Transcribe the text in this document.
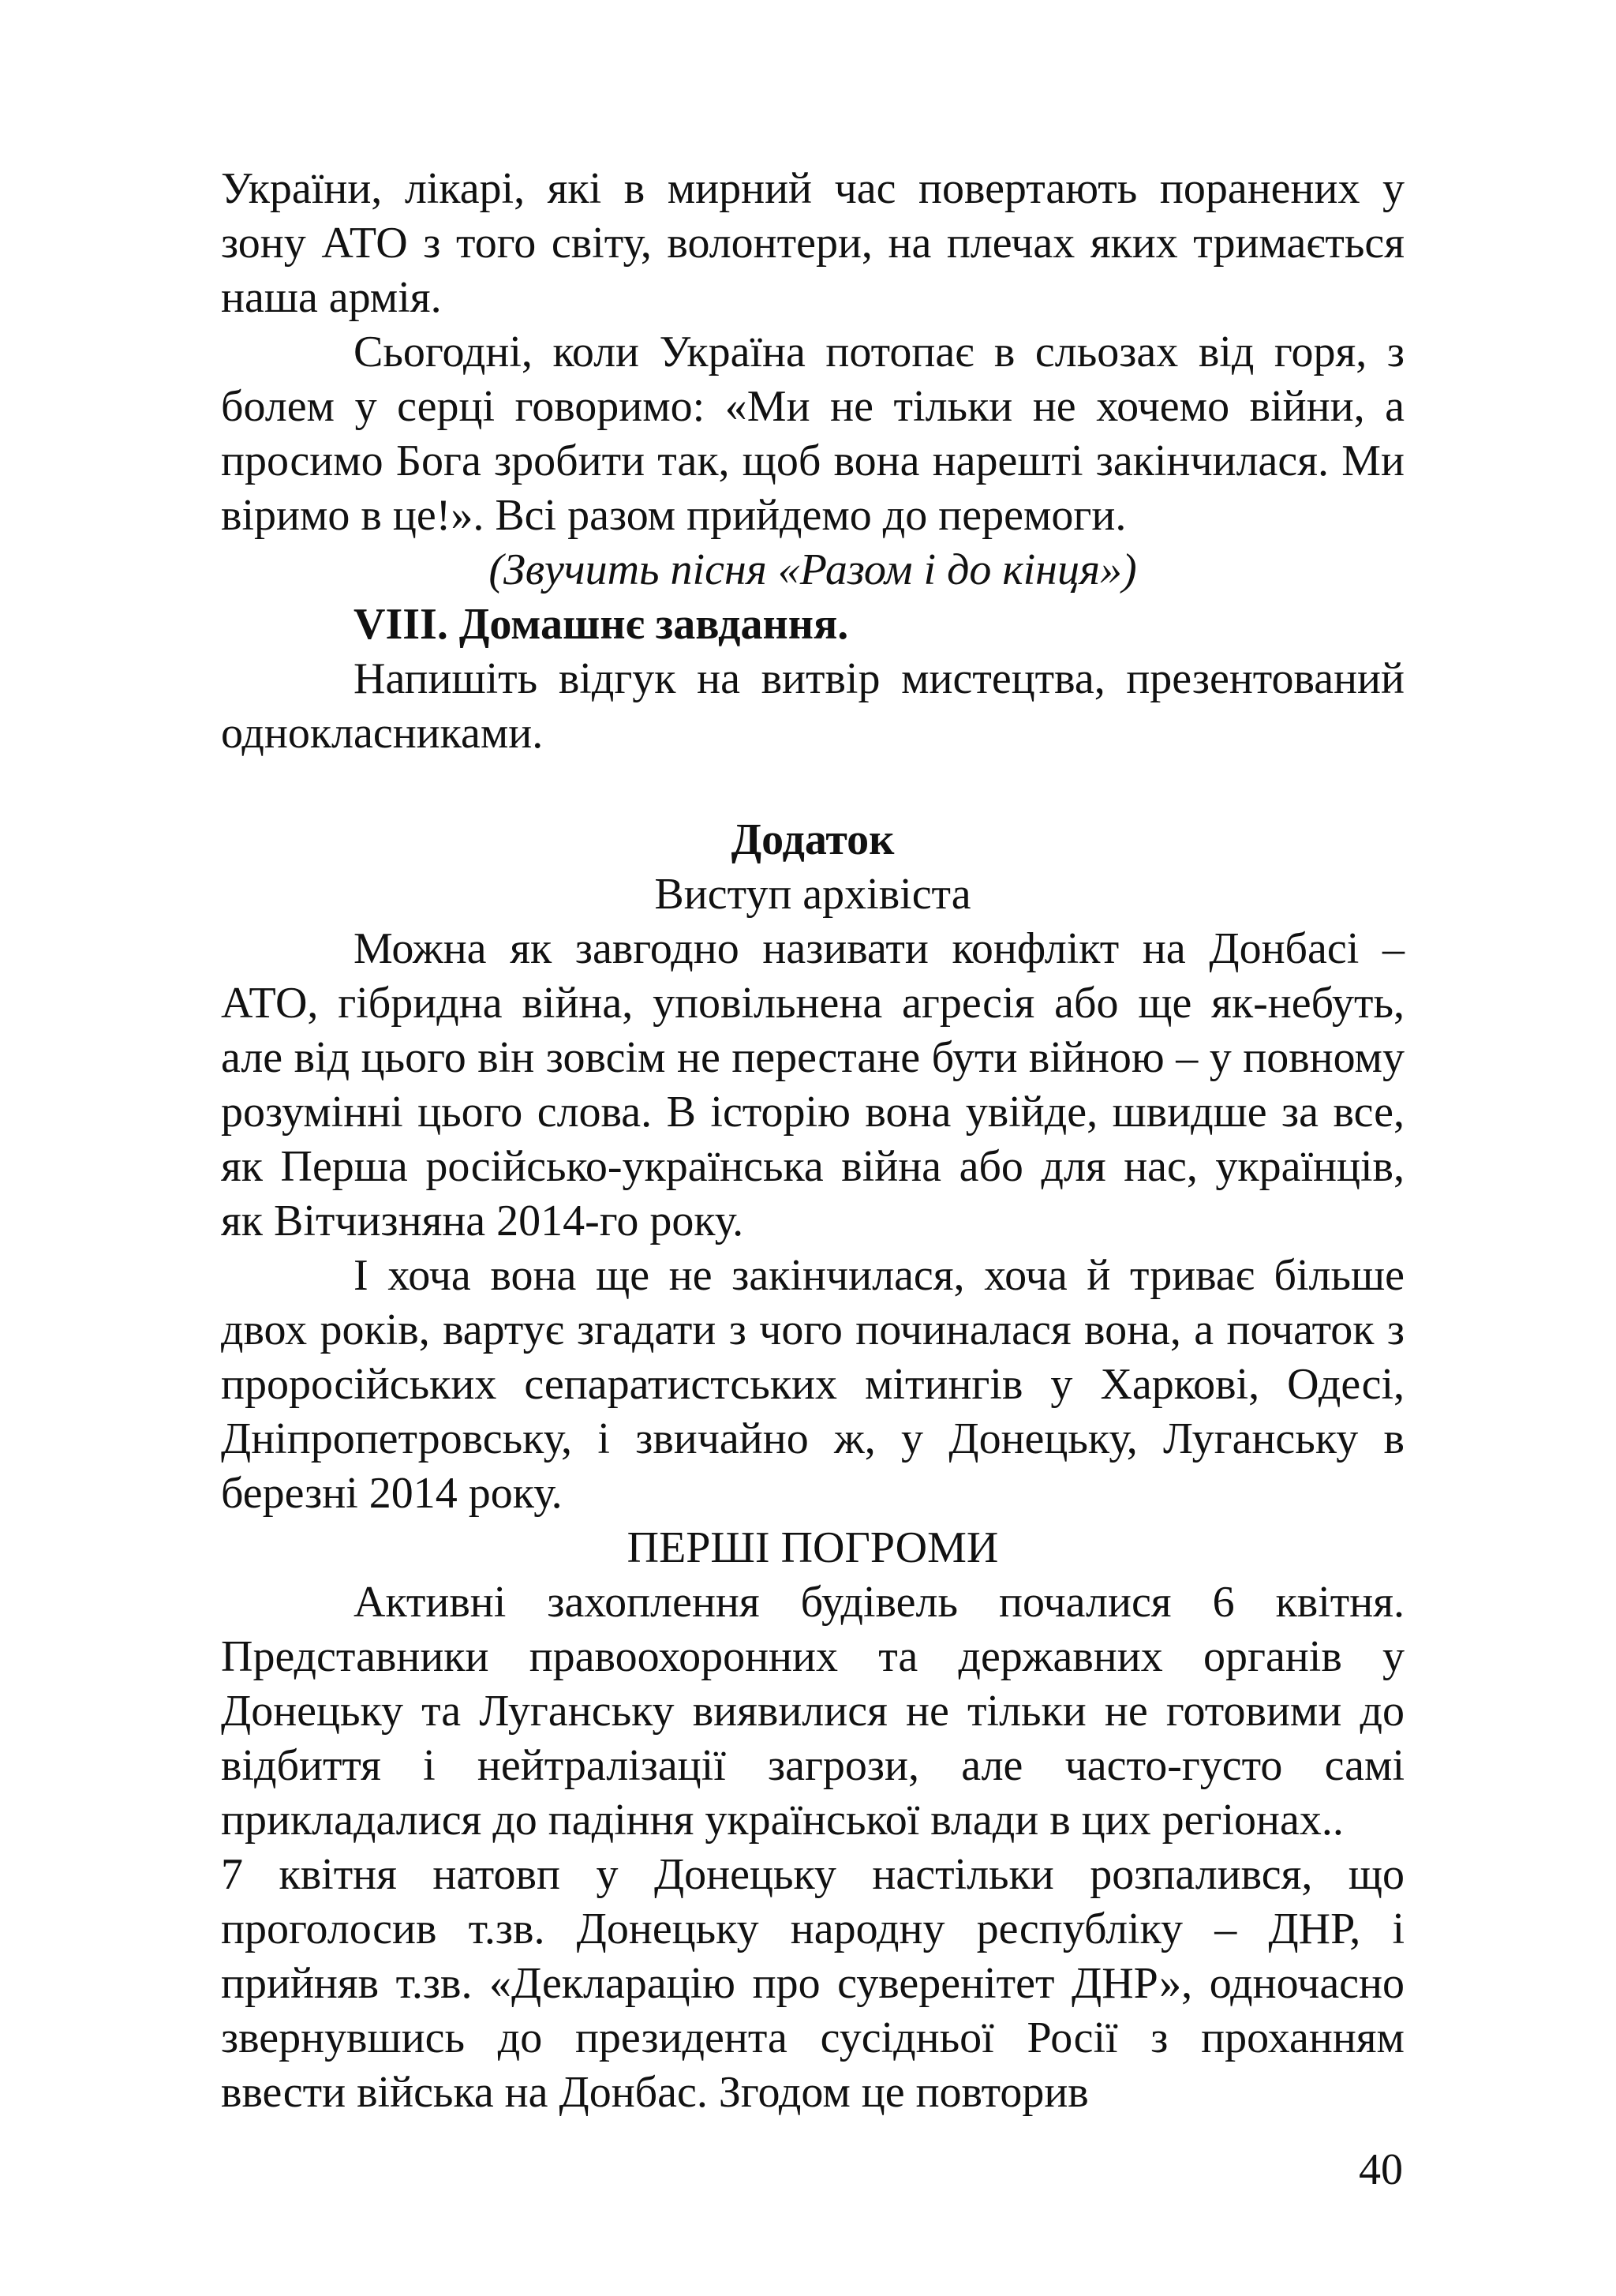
України, лікарі, які в мирний час повертають поранених у зону АТО з того світу, волонтери, на плечах яких тримається наша армія.

Сьогодні, коли Україна потопає в сльозах від горя, з болем у серці говоримо: «Ми не тільки не хочемо війни, а просимо Бога зробити так, щоб вона нарешті закінчилася. Ми віримо в це!». Всі разом прийдемо до перемоги.

(Звучить пісня «Разом і до кінця»)

VIII. Домашнє завдання.

Напишіть відгук на витвір мистецтва, презентований однокласниками.

Додаток

Виступ архівіста

Можна як завгодно називати конфлікт на Донбасі – АТО, гібридна війна, уповільнена агресія або ще як-небуть, але від цього він зовсім не перестане бути війною – у повному розумінні цього слова. В історію вона увійде, швидше за все, як Перша російсько-українська війна або для нас, українців, як Вітчизняна 2014-го року.

І хоча вона ще не закінчилася, хоча й триває більше двох років, вартує згадати з чого починалася вона, а початок з проросійських сепаратистських мітингів у Харкові, Одесі, Дніпропетровську, і звичайно ж, у Донецьку, Луганську в березні 2014 року.

ПЕРШІ ПОГРОМИ

Активні захоплення будівель почалися 6 квітня. Представники правоохоронних та державних органів у Донецьку та Луганську виявилися не тільки не готовими до відбиття і нейтралізації загрози, але часто-густо самі прикладалися до падіння української влади в цих регіонах..

7 квітня натовп у Донецьку настільки розпалився, що проголосив т.зв. Донецьку народну республіку – ДНР, і прийняв т.зв. «Декларацію про суверенітет ДНР», одночасно звернувшись до президента сусідньої Росії з проханням ввести війська на Донбас. Згодом це повторив

40
